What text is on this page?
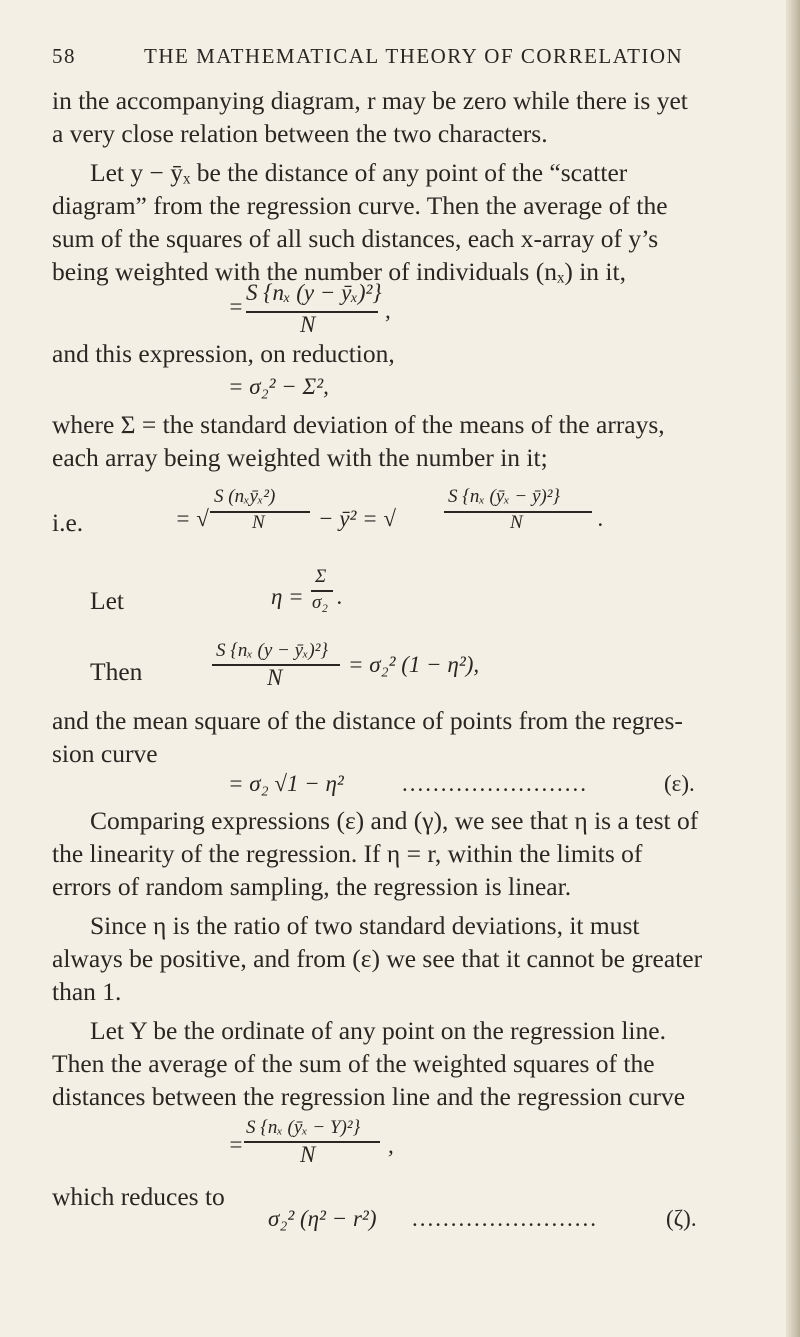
58	THE MATHEMATICAL THEORY OF CORRELATION
in the accompanying diagram, r may be zero while there is yet
a very close relation between the two characters.
Let y − ȳₓ be the distance of any point of the “scatter
diagram” from the regression curve. Then the average of the
sum of the squares of all such distances, each x-array of y’s
being weighted with the number of individuals (nₓ) in it,
=
S {nₓ (y − ȳₓ)²}
N
,
and this expression, on reduction,
= σ₂² − Σ²,
where Σ = the standard deviation of the means of the arrays,
each array being weighted with the number in it;
i.e.	= √
S (nₓȳₓ²)
N − ȳ² = √
S {nₓ (ȳₓ − ȳ)²}
N	.
Let	η =
Σ
σ₂ .
Then
S {nₓ (y − ȳₓ)²}
N
= σ₂² (1 − η²),
and the mean square of the distance of points from the regres-
sion curve
= σ₂ √1 − η²	........................	(ε).
Comparing expressions (ε) and (γ), we see that η is a test of
the linearity of the regression. If η = r, within the limits of
errors of random sampling, the regression is linear.
Since η is the ratio of two standard deviations, it must
always be positive, and from (ε) we see that it cannot be greater
than 1.
Let Y be the ordinate of any point on the regression line.
Then the average of the sum of the weighted squares of the
distances between the regression line and the regression curve
=
S {nₓ (ȳₓ − Y)²}
N	,
which reduces to
σ₂² (η² − r²) ........................	(ζ).
